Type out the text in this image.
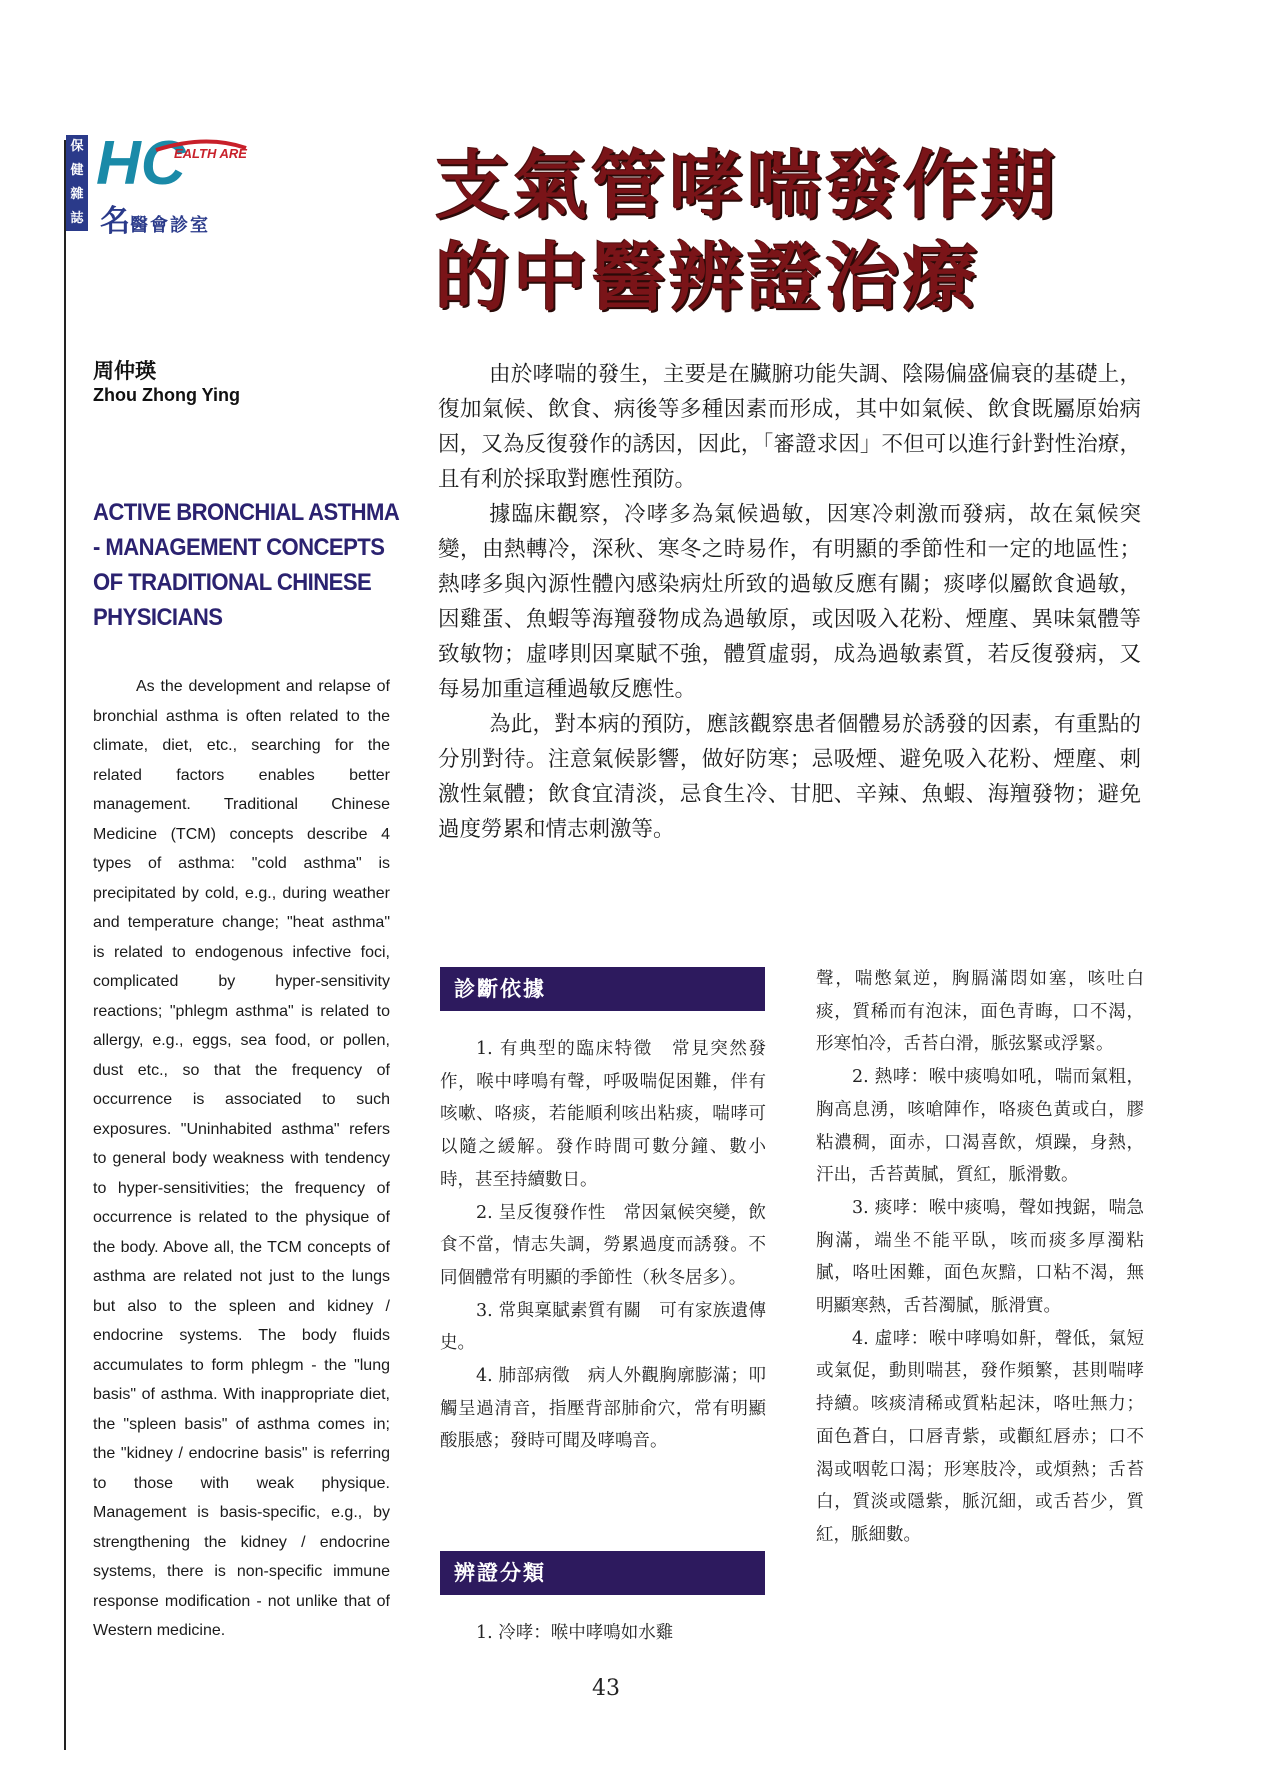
保
健
雜
誌
HC
EALTH ARE
名醫會診室	支氣管哮喘發作期
的中醫辨證治療
周仲瑛
Zhou Zhong Ying
ACTIVE BRONCHIAL ASTHMA
- MANAGEMENT CONCEPTS
OF TRADITIONAL CHINESE
PHYSICIANS
As the development and relapse of bronchial asthma is often related to the climate, diet, etc., searching for the related factors enables better management. Traditional Chinese Medicine (TCM) concepts describe 4 types of asthma: "cold asthma" is precipitated by cold, e.g., during weather and temperature change; "heat asthma" is related to endogenous infective foci, complicated by hyper-sensitivity reactions; "phlegm asthma" is related to allergy, e.g., eggs, sea food, or pollen, dust etc., so that the frequency of occurrence is associated to such exposures. "Uninhabited asthma" refers to general body weakness with tendency to hyper-sensitivities; the frequency of occurrence is related to the physique of the body. Above all, the TCM concepts of asthma are related not just to the lungs but also to the spleen and kidney / endocrine systems. The body fluids accumulates to form phlegm - the "lung basis" of asthma. With inappropriate diet, the "spleen basis" of asthma comes in; the "kidney / endocrine basis" is referring to those with weak physique. Management is basis-specific, e.g., by strengthening the kidney / endocrine systems, there is non-specific immune response modification - not unlike that of Western medicine.

由於哮喘的發生，主要是在臟腑功能失調、陰陽偏盛偏衰的基礎上，復加氣候、飲食、病後等多種因素而形成，其中如氣候、飲食既屬原始病因，又為反復發作的誘因，因此，「審證求因」不但可以進行針對性治療，且有利於採取對應性預防。

據臨床觀察，冷哮多為氣候過敏，因寒冷刺激而發病，故在氣候突變，由熱轉冷，深秋、寒冬之時易作，有明顯的季節性和一定的地區性；熱哮多與內源性體內感染病灶所致的過敏反應有關；痰哮似屬飲食過敏，因雞蛋、魚蝦等海羶發物成為過敏原，或因吸入花粉、煙塵、異味氣體等致敏物；虛哮則因稟賦不強，體質虛弱，成為過敏素質，若反復發病，又每易加重這種過敏反應性。

為此，對本病的預防，應該觀察患者個體易於誘發的因素，有重點的分別對待。注意氣候影響，做好防寒；忌吸煙、避免吸入花粉、煙塵、刺激性氣體；飲食宜清淡，忌食生冷、甘肥、辛辣、魚蝦、海羶發物；避免過度勞累和情志刺激等。

診斷依據

1. 有典型的臨床特徵　常見突然發作，喉中哮鳴有聲，呼吸喘促困難，伴有咳嗽、咯痰，若能順利咳出粘痰，喘哮可以隨之緩解。發作時間可數分鐘、數小時，甚至持續數日。

2. 呈反復發作性　常因氣候突變，飲食不當，情志失調，勞累過度而誘發。不同個體常有明顯的季節性（秋冬居多）。

3. 常與稟賦素質有關　可有家族遺傳史。

4. 肺部病徵　病人外觀胸廓膨滿；叩觸呈過清音，指壓背部肺俞穴，常有明顯酸脹感；發時可聞及哮鳴音。

辨證分類

1. 冷哮：喉中哮鳴如水雞

聲，喘憋氣逆，胸膈滿悶如塞，咳吐白痰，質稀而有泡沫，面色青晦，口不渴，形寒怕冷，舌苔白滑，脈弦緊或浮緊。

2. 熱哮：喉中痰鳴如吼，喘而氣粗，胸高息湧，咳嗆陣作，咯痰色黃或白，膠粘濃稠，面赤，口渴喜飲，煩躁，身熱，汗出，舌苔黃膩，質紅，脈滑數。

3. 痰哮：喉中痰鳴，聲如拽鋸，喘急胸滿，端坐不能平臥，咳而痰多厚濁粘膩，咯吐困難，面色灰黯，口粘不渴，無明顯寒熱，舌苔濁膩，脈滑實。

4. 虛哮：喉中哮鳴如鼾，聲低，氣短或氣促，動則喘甚，發作頻繁，甚則喘哮持續。咳痰清稀或質粘起沫，咯吐無力；面色蒼白，口唇青紫，或顴紅唇赤；口不渴或咽乾口渴；形寒肢冷，或煩熱；舌苔白，質淡或隱紫，脈沉細，或舌苔少，質紅，脈細數。

43
